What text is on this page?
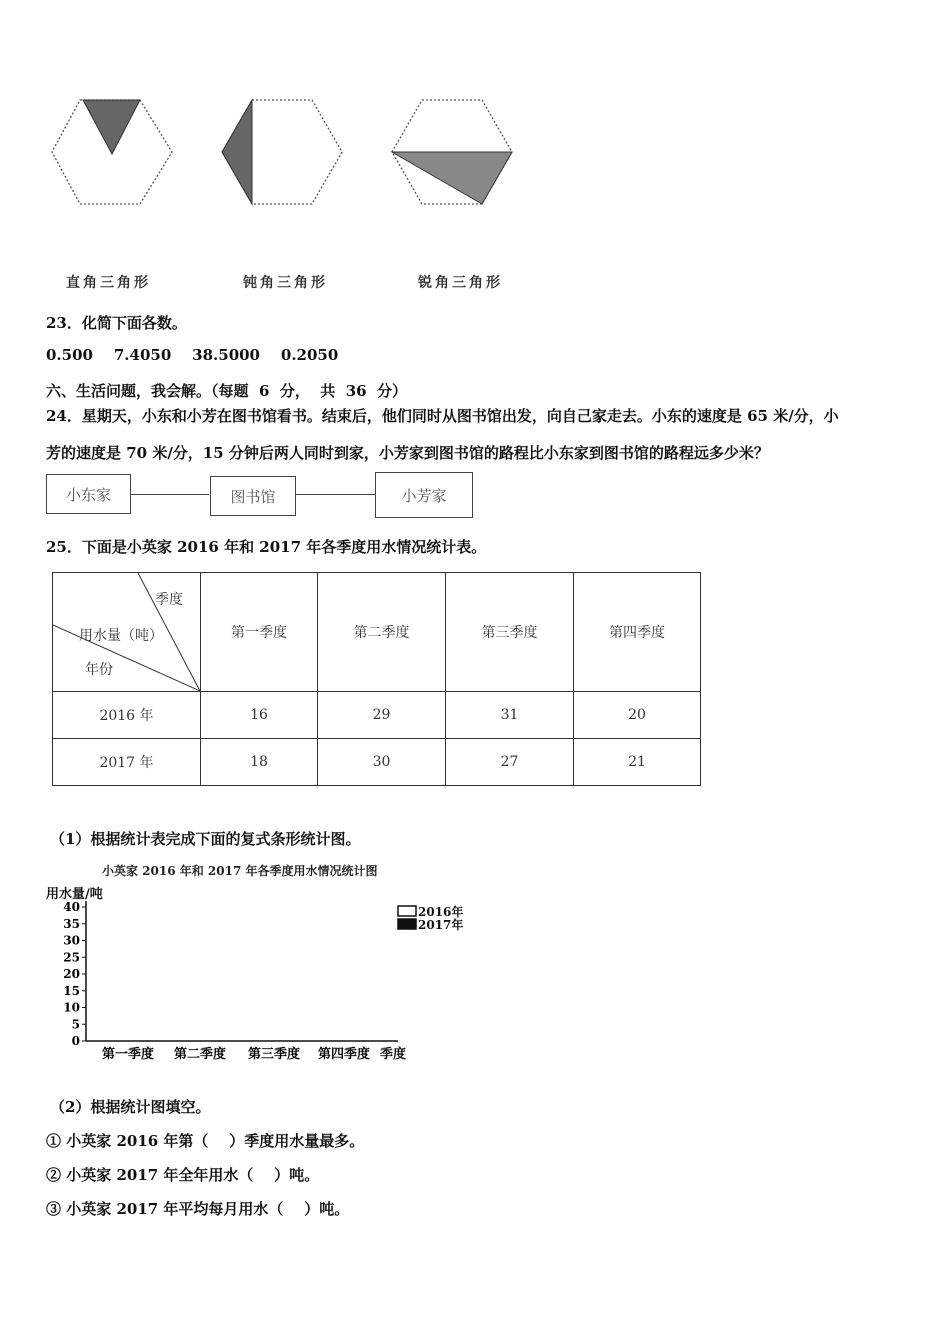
直角三角形	钝角三角形	锐角三角形
23．化简下面各数。
0.500    7.4050    38.5000    0.2050
六、生活问题，我会解。（每题  6  分，  共  36  分）
24．星期天，小东和小芳在图书馆看书。结束后，他们同时从图书馆出发，向自己家走去。小东的速度是 65 米/分，小
芳的速度是 70 米/分，15 分钟后两人同时到家，小芳家到图书馆的路程比小东家到图书馆的路程远多少米？
小东家	图书馆	小芳家
25．下面是小英家 2016 年和 2017 年各季度用水情况统计表。
季度
用水量（吨）
年份	第一季度	第二季度	第三季度	第四季度
2016 年	16	29	31	20
2017 年	18	30	27	21
（1）根据统计表完成下面的复式条形统计图。
小英家 2016 年和 2017 年各季度用水情况统计图
用水量/吨
0
5
10
15
20
25
30
35
40
第一季度 第二季度 第三季度 第四季度 季度
2016年
2017年
（2）根据统计图填空。
① 小英家 2016 年第（    ）季度用水量最多。
② 小英家 2017 年全年用水（    ）吨。
③ 小英家 2017 年平均每月用水（    ）吨。
